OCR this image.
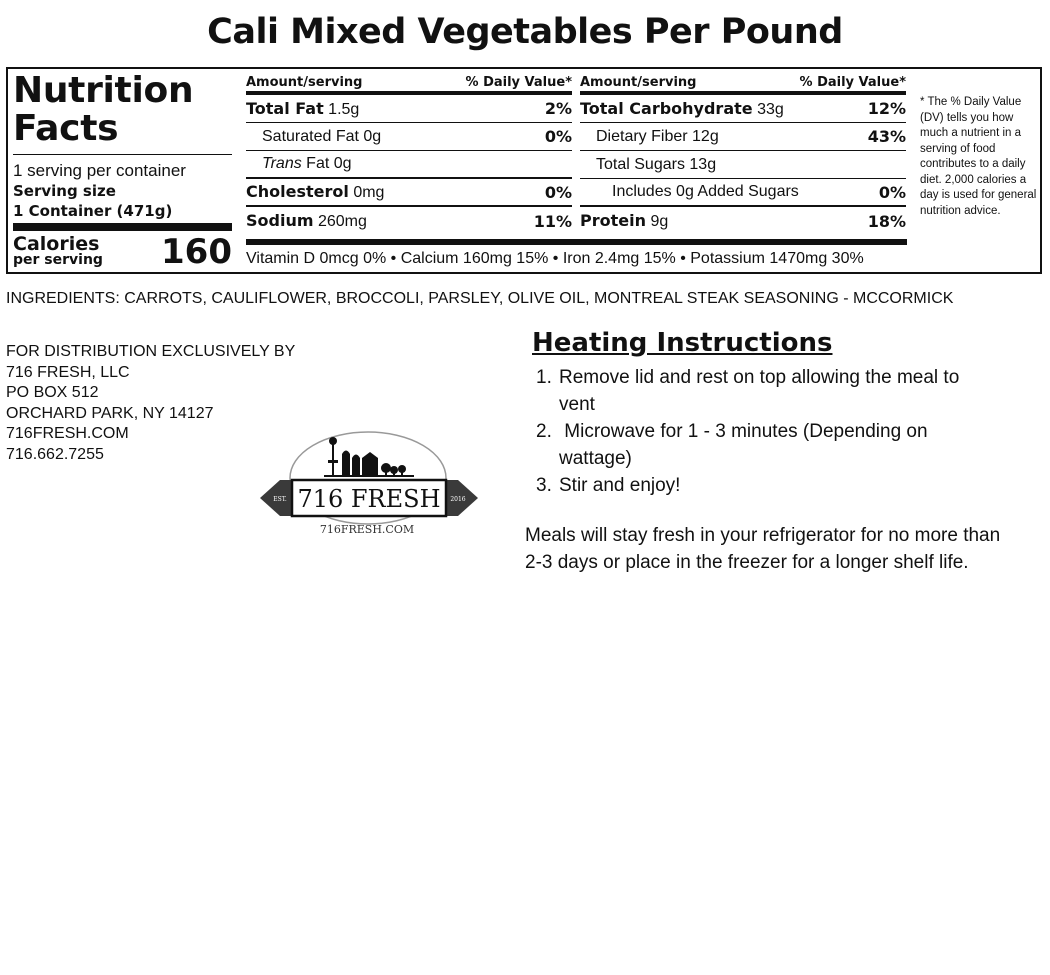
Cali Mixed Vegetables Per Pound
Nutrition
Facts
1 serving per container
Serving size
1 Container (471g)
Calories
per serving 160
Amount/serving	% Daily Value*
Total Fat 1.5g	2%
Saturated Fat 0g	0%
Trans Fat 0g
Cholesterol 0mg	0%
Sodium 260mg	11%
Amount/serving	% Daily Value*
Total Carbohydrate 33g	12%
Dietary Fiber 12g	43%
Total Sugars 13g
Includes 0g Added Sugars	0%
Protein 9g	18%
Vitamin D 0mcg 0% • Calcium 160mg 15% • Iron 2.4mg 15% • Potassium 1470mg 30%
* The % Daily Value (DV) tells you how much a nutrient in a serving of food contributes to a daily diet. 2,000 calories a day is used for general nutrition advice.
INGREDIENTS: CARROTS, CAULIFLOWER, BROCCOLI, PARSLEY, OLIVE OIL, MONTREAL STEAK SEASONING - MCCORMICK
FOR DISTRIBUTION EXCLUSIVELY BY
716 FRESH, LLC
PO BOX 512
ORCHARD PARK, NY 14127
716FRESH.COM
716.662.7255
716 FRESH
EST.	2016
716FRESH.COM
Heating Instructions
1. Remove lid and rest on top allowing the meal to vent
2. Microwave for 1 - 3 minutes (Depending on wattage)
3. Stir and enjoy!
Meals will stay fresh in your refrigerator for no more than 2-3 days or place in the freezer for a longer shelf life.
